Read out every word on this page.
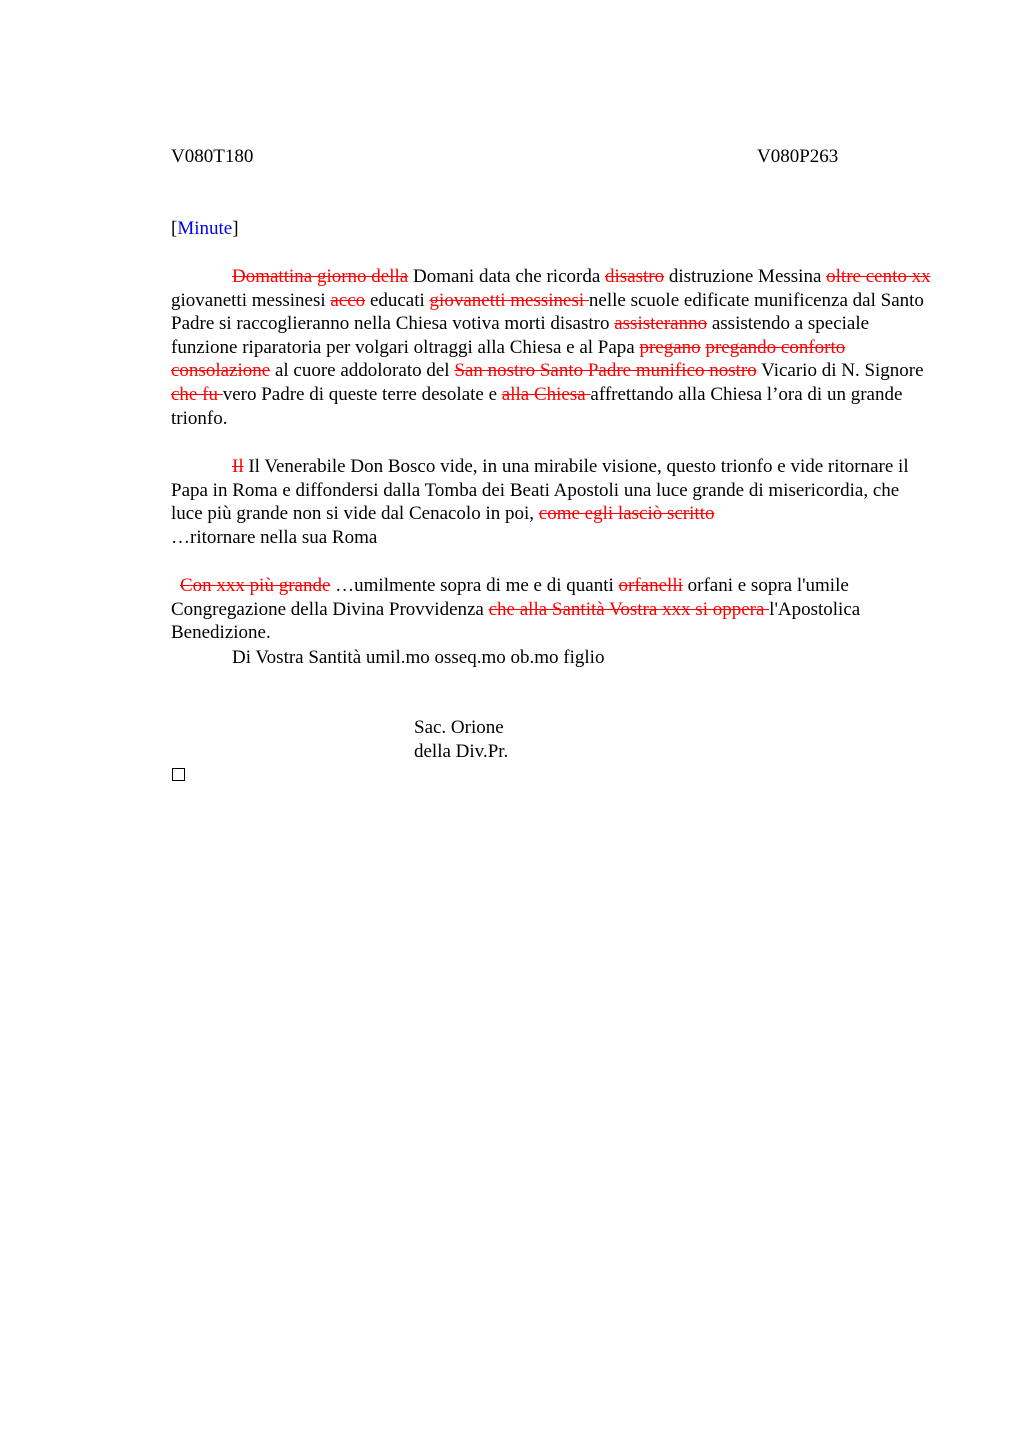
V080T180	V080P263
[Minute]

Domattina giorno della Domani data che ricorda disastro distruzione Messina oltre cento xx giovanetti messinesi acco educati giovanetti messinesi nelle scuole edificate munificenza dal Santo Padre si raccoglieranno nella Chiesa votiva morti disastro assisteranno assistendo a speciale funzione riparatoria per volgari oltraggi alla Chiesa e al Papa pregano pregando conforto consolazione al cuore addolorato del San nostro Santo Padre munifico nostro Vicario di N. Signore che fu vero Padre di queste terre desolate e alla Chiesa affrettando alla Chiesa l’ora di un grande trionfo.

Il Il Venerabile Don Bosco vide, in una mirabile visione, questo trionfo e vide ritornare il Papa in Roma e diffondersi dalla Tomba dei Beati Apostoli una luce grande di misericordia, che luce più grande non si vide dal Cenacolo in poi, come egli lasciò scritto
…ritornare nella sua Roma

Con xxx più grande …umilmente sopra di me e di quanti orfanelli orfani e sopra l'umile Congregazione della Divina Provvidenza che alla Santità Vostra xxx si oppera l'Apostolica Benedizione.

Di Vostra Santità umil.mo osseq.mo ob.mo figlio

Sac. Orione
della Div.Pr.
